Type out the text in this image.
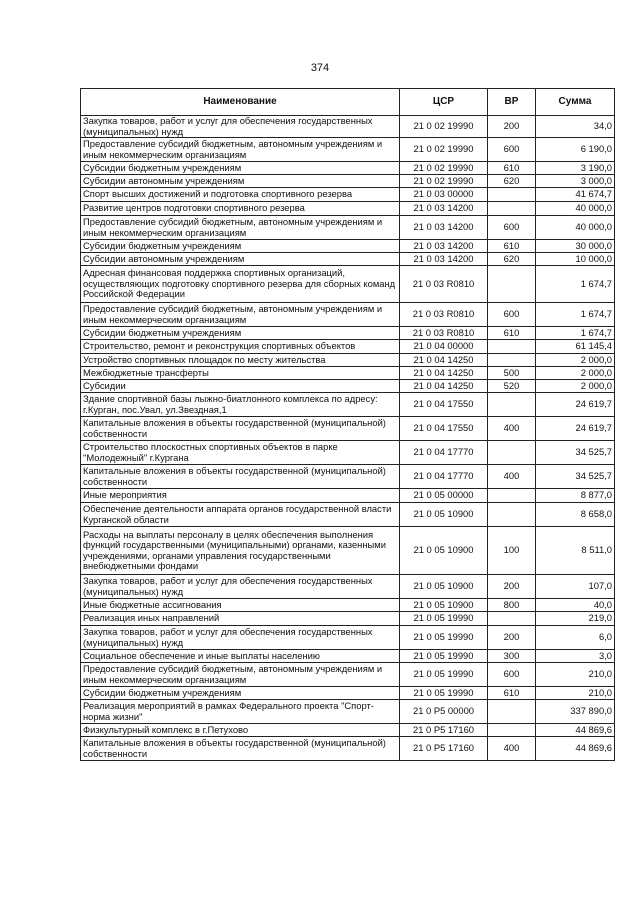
374
Наименование	ЦСР	ВР	Сумма
Закупка товаров, работ и услуг для обеспечения государственных (муниципальных) нужд	21 0 02 19990	200	34,0
Предоставление субсидий бюджетным, автономным учреждениям и иным некоммерческим организациям	21 0 02 19990	600	6 190,0
Субсидии бюджетным учреждениям	21 0 02 19990	610	3 190,0
Субсидии автономным учреждениям	21 0 02 19990	620	3 000,0
Спорт высших достижений и подготовка спортивного резерва	21 0 03 00000		41 674,7
Развитие центров подготовки спортивного резерва	21 0 03 14200		40 000,0
Предоставление субсидий бюджетным, автономным учреждениям и иным некоммерческим организациям	21 0 03 14200	600	40 000,0
Субсидии бюджетным учреждениям	21 0 03 14200	610	30 000,0
Субсидии автономным учреждениям	21 0 03 14200	620	10 000,0
Адресная финансовая поддержка спортивных организаций, осуществляющих подготовку спортивного резерва для сборных команд Российской Федерации	21 0 03 R0810		1 674,7
Предоставление субсидий бюджетным, автономным учреждениям и иным некоммерческим организациям	21 0 03 R0810	600	1 674,7
Субсидии бюджетным учреждениям	21 0 03 R0810	610	1 674,7
Строительство, ремонт и реконструкция спортивных объектов	21 0 04 00000		61 145,4
Устройство спортивных площадок по месту жительства	21 0 04 14250		2 000,0
Межбюджетные трансферты	21 0 04 14250	500	2 000,0
Субсидии	21 0 04 14250	520	2 000,0
Здание спортивной базы лыжно-биатлонного комплекса по адресу: г.Курган, пос.Увал, ул.Звездная,1	21 0 04 17550		24 619,7
Капитальные вложения в объекты государственной (муниципальной) собственности	21 0 04 17550	400	24 619,7
Строительство плоскостных спортивных объектов в парке "Молодежный" г.Кургана	21 0 04 17770		34 525,7
Капитальные вложения в объекты государственной (муниципальной) собственности	21 0 04 17770	400	34 525,7
Иные мероприятия	21 0 05 00000		8 877,0
Обеспечение деятельности аппарата органов государственной власти Курганской области	21 0 05 10900		8 658,0
Расходы на выплаты персоналу в целях обеспечения выполнения функций государственными (муниципальными) органами, казенными учреждениями, органами управления государственными внебюджетными фондами	21 0 05 10900	100	8 511,0
Закупка товаров, работ и услуг для обеспечения государственных (муниципальных) нужд	21 0 05 10900	200	107,0
Иные бюджетные ассигнования	21 0 05 10900	800	40,0
Реализация иных направлений	21 0 05 19990		219,0
Закупка товаров, работ и услуг для обеспечения государственных (муниципальных) нужд	21 0 05 19990	200	6,0
Социальное обеспечение и иные выплаты населению	21 0 05 19990	300	3,0
Предоставление субсидий бюджетным, автономным учреждениям и иным некоммерческим организациям	21 0 05 19990	600	210,0
Субсидии бюджетным учреждениям	21 0 05 19990	610	210,0
Реализация мероприятий в рамках Федерального проекта "Спорт-норма жизни"	21 0 P5 00000		337 890,0
Физкультурный комплекс в г.Петухово	21 0 P5 17160		44 869,6
Капитальные вложения в объекты государственной (муниципальной) собственности	21 0 P5 17160	400	44 869,6
